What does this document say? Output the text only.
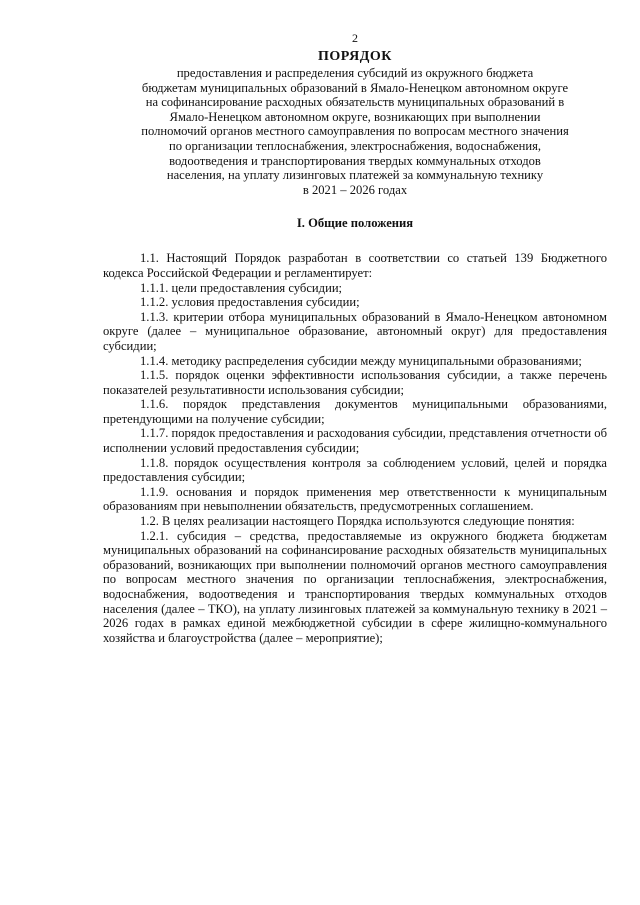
2
ПОРЯДОК
предоставления и распределения субсидий из окружного бюджета
бюджетам муниципальных образований в Ямало-Ненецком автономном округе
на софинансирование расходных обязательств муниципальных образований в
Ямало-Ненецком автономном округе, возникающих при выполнении
полномочий органов местного самоуправления по вопросам местного значения
по организации теплоснабжения, электроснабжения, водоснабжения,
водоотведения и транспортирования твердых коммунальных отходов
населения, на уплату лизинговых платежей за коммунальную технику
в 2021 – 2026 годах
I. Общие положения

1.1. Настоящий Порядок разработан в соответствии со статьей 139 Бюджетного кодекса Российской Федерации и регламентирует:

1.1.1. цели предоставления субсидии;

1.1.2. условия предоставления субсидии;

1.1.3. критерии отбора муниципальных образований в Ямало-Ненецком автономном округе (далее – муниципальное образование, автономный округ) для предоставления субсидии;

1.1.4. методику распределения субсидии между муниципальными образованиями;

1.1.5. порядок оценки эффективности использования субсидии, а также перечень показателей результативности использования субсидии;

1.1.6. порядок представления документов муниципальными образованиями, претендующими на получение субсидии;

1.1.7. порядок предоставления и расходования субсидии, представления отчетности об исполнении условий предоставления субсидии;

1.1.8. порядок осуществления контроля за соблюдением условий, целей и порядка предоставления субсидии;

1.1.9. основания и порядок применения мер ответственности к муниципальным образованиям при невыполнении обязательств, предусмотренных соглашением.

1.2. В целях реализации настоящего Порядка используются следующие понятия:

1.2.1. субсидия – средства, предоставляемые из окружного бюджета бюджетам муниципальных образований на софинансирование расходных обязательств муниципальных образований, возникающих при выполнении полномочий органов местного самоуправления по вопросам местного значения по организации теплоснабжения, электроснабжения, водоснабжения, водоотведения и транспортирования твердых коммунальных отходов населения (далее – ТКО), на уплату лизинговых платежей за коммунальную технику в 2021 – 2026 годах в рамках единой межбюджетной субсидии в сфере жилищно-коммунального хозяйства и благоустройства (далее – мероприятие);
